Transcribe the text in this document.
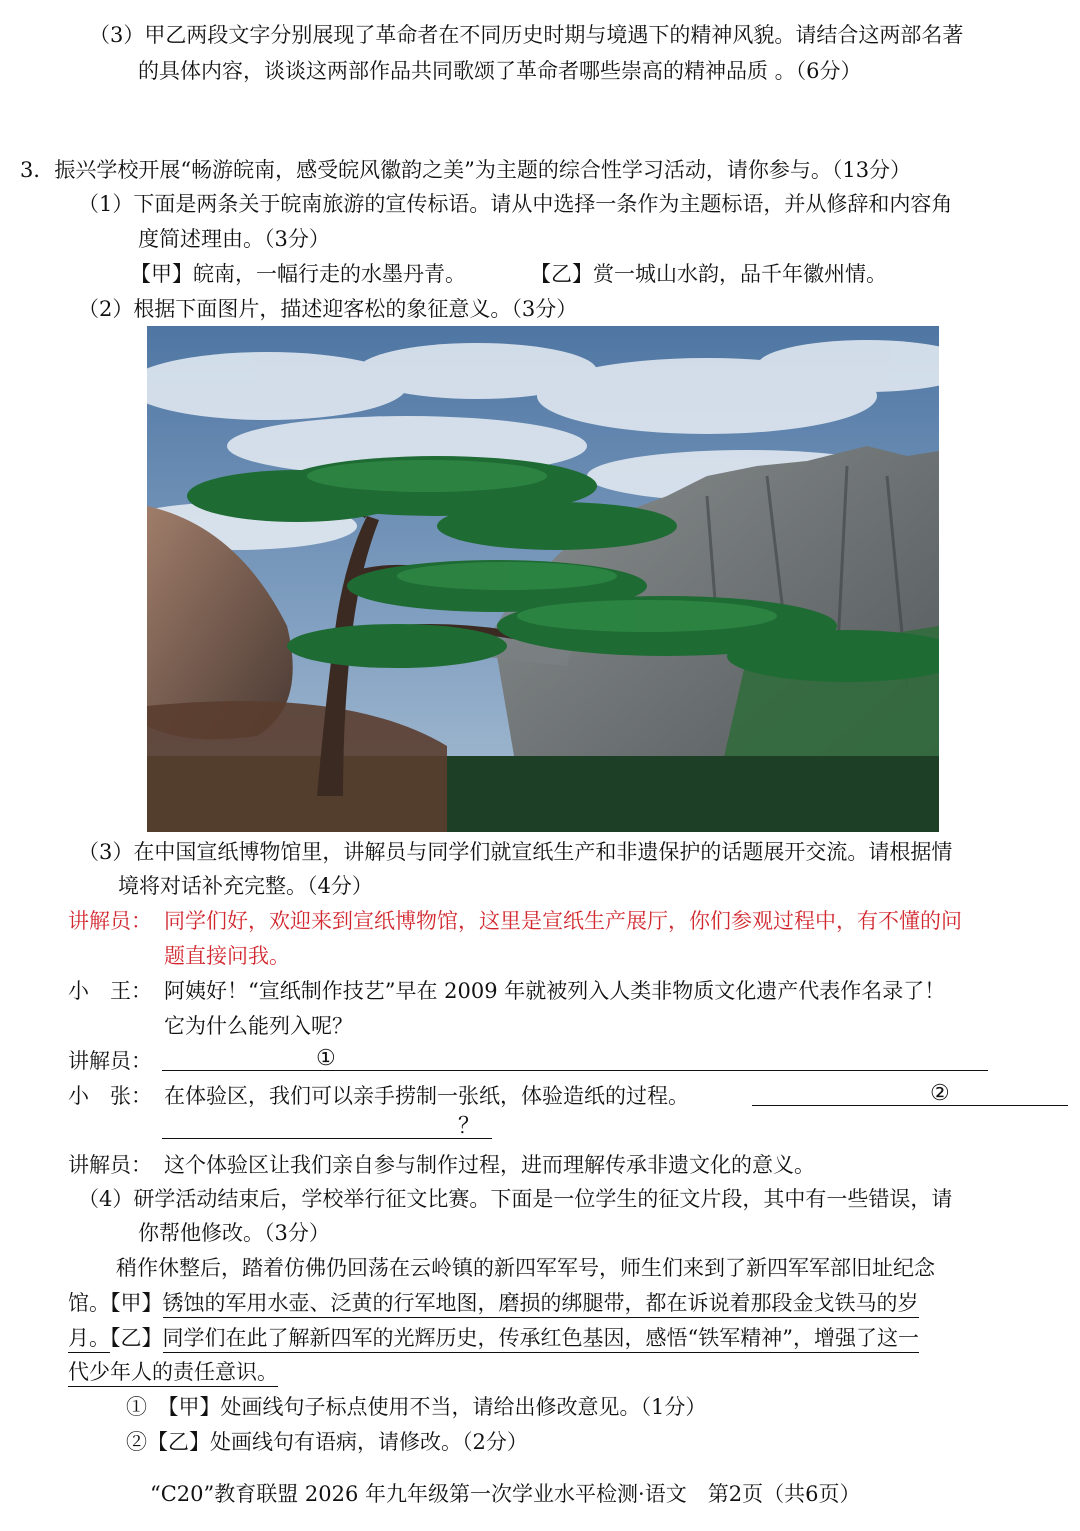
（3）甲乙两段文字分别展现了革命者在不同历史时期与境遇下的精神风貌。请结合这两部名著
的具体内容，谈谈这两部作品共同歌颂了革命者哪些崇高的精神品质 。（6分）
3．振兴学校开展“畅游皖南，感受皖风徽韵之美”为主题的综合性学习活动，请你参与。（13分）
（1）下面是两条关于皖南旅游的宣传标语。请从中选择一条作为主题标语，并从修辞和内容角
度简述理由。（3分）
【甲】皖南，一幅行走的水墨丹青。	【乙】赏一城山水韵，品千年徽州情。
（2）根据下面图片，描述迎客松的象征意义。（3分）
（3）在中国宣纸博物馆里，讲解员与同学们就宣纸生产和非遗保护的话题展开交流。请根据情
境将对话补充完整。（4分）
讲解员： 同学们好，欢迎来到宣纸博物馆，这里是宣纸生产展厅，你们参观过程中，有不懂的问
题直接问我。
小　王： 阿姨好！“宣纸制作技艺”早在 2009 年就被列入人类非物质文化遗产代表作名录了！
它为什么能列入呢？
讲解员：	①
小　张： 在体验区，我们可以亲手捞制一张纸，体验造纸的过程。	②
？
讲解员： 这个体验区让我们亲自参与制作过程，进而理解传承非遗文化的意义。
（4）研学活动结束后，学校举行征文比赛。下面是一位学生的征文片段，其中有一些错误，请
你帮他修改。（3分）
稍作休整后，踏着仿佛仍回荡在云岭镇的新四军军号，师生们来到了新四军军部旧址纪念
馆。【甲】锈蚀的军用水壶、泛黄的行军地图，磨损的绑腿带，都在诉说着那段金戈铁马的岁
月。【乙】同学们在此了解新四军的光辉历史，传承红色基因，感悟“铁军精神”，增强了这一
代少年人的责任意识。
①　【甲】处画线句子标点使用不当，请给出修改意见。（1分）
②【乙】处画线句有语病，请修改。（2分）
“C20”教育联盟 2026 年九年级第一次学业水平检测·语文　第2页（共6页）
